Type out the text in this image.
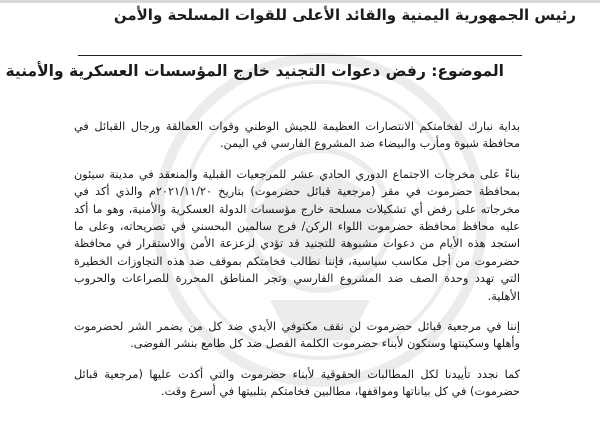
رئيس الجمهورية اليمنية والقائد الأعلى للقوات المسلحة والأمن
الموضوع: رفض دعوات التجنيد خارج المؤسسات العسكرية والأمنية

بداية نبارك لفخامتكم الانتصارات العظيمة للجيش الوطني وقوات العمالقة ورجال القبائل في محافظة شبوة ومأرب والبيضاء ضد المشروع الفارسي في اليمن.

بناءً على مخرجات الاجتماع الدوري الحادي عشر للمرجعيات القبلية والمنعقد في مدينة سيئون بمحافظة حضرموت في مقر (مرجعية قبائل حضرموت) بتاريخ ٢٠٢١/١١/٢٠م والذي أكد في مخرجاته على رفض أي تشكيلات مسلحة خارج مؤسسات الدولة العسكرية والأمنية، وهو ما أكد عليه محافظ محافظة حضرموت اللواء الركن/ فرج سالمين البحسني في تصريحاته، وعلى ما استجد هذه الأيام من دعوات مشبوهة للتجنيد قد تؤدي لزعزعة الأمن والاستقرار في محافظة حضرموت من أجل مكاسب سياسية، فإننا نطالب فخامتكم بموقف ضد هذه التجاوزات الخطيرة التي تهدد وحدة الصف ضد المشروع الفارسي وتجر المناطق المحررة للصراعات والحروب الأهلية.

إننا في مرجعية قبائل حضرموت لن نقف مكتوفي الأيدي ضد كل من يضمر الشر لحضرموت وأهلها وسكينتها وسنكون لأبناء حضرموت الكلمة الفصل ضد كل طامع بنشر الفوضى.

كما نجدد تأييدنا لكل المطالبات الحقوقية لأبناء حضرموت والتي أكدت عليها (مرجعية قبائل حضرموت) في كل بياناتها ومواقفها، مطالبين فخامتكم بتلبيتها في أسرع وقت.
